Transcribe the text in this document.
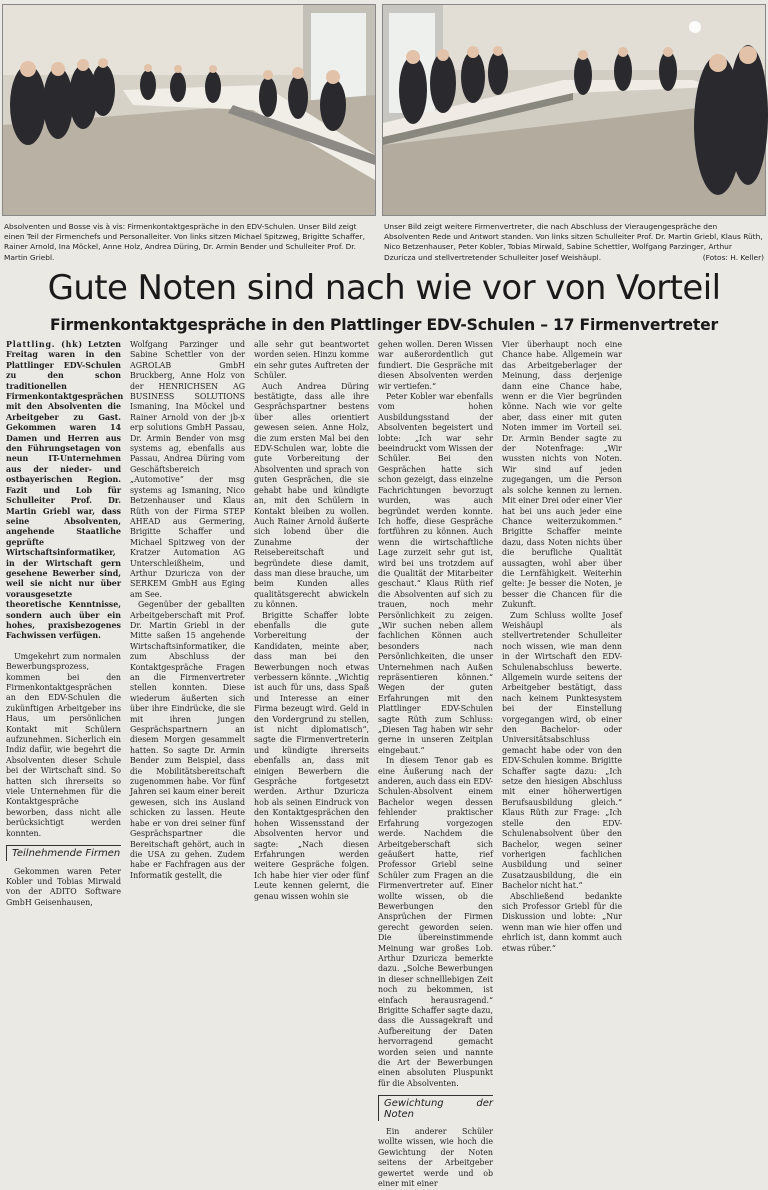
Absolventen und Bosse vis à vis: Firmenkontaktgespräche in den EDV-Schulen. Unser Bild zeigt einen Teil der Firmenchefs und Personalleiter. Von links sitzen Michael Spitzweg, Brigitte Schaffer, Rainer Arnold, Ina Möckel, Anne Holz, Andrea Düring, Dr. Armin Bender und Schulleiter Prof. Dr. Martin Griebl.

Unser Bild zeigt weitere Firmenvertreter, die nach Abschluss der Vieraugengespräche den Absolventen Rede und Antwort standen. Von links sitzen Schulleiter Prof. Dr. Martin Griebl, Klaus Rüth, Nico Betzenhauser, Peter Kobler, Tobias Mirwald, Sabine Schettler, Wolfgang Parzinger, Arthur Dzuricza und stellvertretender Schulleiter Josef Weishäupl.	(Fotos: H. Keller)

Gute Noten sind nach wie vor von Vorteil
Firmenkontaktgespräche in den Plattlinger EDV-Schulen – 17 Firmenvertreter

Plattling. (hk) Letzten Freitag waren in den Plattlinger EDV-Schulen zu den schon traditionellen Firmenkontaktgesprächen mit den Absolventen die Arbeitgeber zu Gast. Gekommen waren 14 Damen und Herren aus den Führungsetagen von neun IT-Unternehmen aus der nieder- und ostbayerischen Region. Fazit und Lob für Schulleiter Prof. Dr. Martin Griebl war, dass seine Absolventen, angehende Staatliche geprüfte Wirtschaftsinformatiker, in der Wirtschaft gern gesehene Bewerber sind, weil sie nicht nur über vorausgesetzte theoretische Kenntnisse, sondern auch über ein hohes, praxisbezogenes Fachwissen verfügen.

Umgekehrt zum normalen Bewerbungsprozess, kommen bei den Firmenkontaktgesprächen an den EDV-Schulen die zukünftigen Arbeitgeber ins Haus, um persönlichen Kontakt mit Schülern aufzunehmen. Sicherlich ein Indiz dafür, wie begehrt die Absolventen dieser Schule bei der Wirtschaft sind. So hatten sich ihrerseits so viele Unternehmen für die Kontaktgespräche beworben, dass nicht alle berücksichtigt werden konnten.

Teilnehmende Firmen

Gekommen waren Peter Kobler und Tobias Mirwald von der ADITO Software GmbH Geisenhausen,

Wolfgang Parzinger und Sabine Schettler von der AGROLAB GmbH Bruckberg, Anne Holz von der HENRICHSEN AG BUSINESS SOLUTIONS Ismaning, Ina Möckel und Rainer Arnold von der jb-x erp solutions GmbH Passau, Dr. Armin Bender von msg systems ag, ebenfalls aus Passau, Andrea Düring vom Geschäftsbereich „Automotive“ der msg systems ag Ismaning, Nico Betzenhauser und Klaus Rüth von der Firma STEP AHEAD aus Germering, Brigitte Schaffer und Michael Spitzweg von der Kratzer Automation AG Unterschleißheim, und Arthur Dzuricza von der SERKEM GmbH aus Eging am See.

Gegenüber der geballten Arbeitgeberschaft mit Prof. Dr. Martin Griebl in der Mitte saßen 15 angehende Wirtschaftsinformatiker, die zum Abschluss der Kontaktgespräche Fragen an die Firmenvertreter stellen konnten. Diese wiederum äußerten sich über ihre Eindrücke, die sie mit ihren jungen Gesprächspartnern an diesem Morgen gesammelt hatten. So sagte Dr. Armin Bender zum Beispiel, dass die Mobilitätsbereitschaft zugenommen habe. Vor fünf Jahren sei kaum einer bereit gewesen, sich ins Ausland schicken zu lassen. Heute habe er von drei seiner fünf Gesprächspartner die Bereitschaft gehört, auch in die USA zu gehen. Zudem habe er Fachfragen aus der Informatik gestellt, die

alle sehr gut beantwortet worden seien. Hinzu komme ein sehr gutes Auftreten der Schüler.

Auch Andrea Düring bestätigte, dass alle ihre Gesprächspartner bestens über alles orientiert gewesen seien. Anne Holz, die zum ersten Mal bei den EDV-Schulen war, lobte die gute Vorbereitung der Absolventen und sprach von guten Gesprächen, die sie gehabt habe und kündigte an, mit den Schülern in Kontakt bleiben zu wollen. Auch Rainer Arnold äußerte sich lobend über die Zunahme der Reisebereitschaft und begründete diese damit, dass man diese brauche, um beim Kunden alles qualitätsgerecht abwickeln zu können.

Brigitte Schaffer lobte ebenfalls die gute Vorbereitung der Kandidaten, meinte aber, dass man bei den Bewerbungen noch etwas verbessern könnte. „Wichtig ist auch für uns, dass Spaß und Interesse an einer Firma bezeugt wird. Geld in den Vordergrund zu stellen, ist nicht diplomatisch“, sagte die Firmenvertreterin und kündigte ihrerseits ebenfalls an, dass mit einigen Bewerbern die Gespräche fortgesetzt werden. Arthur Dzuricza hob als seinen Eindruck von den Kontaktgesprächen den hohen Wissensstand der Absolventen hervor und sagte: „Nach diesen Erfahrungen werden weitere Gespräche folgen. Ich habe hier vier oder fünf Leute kennen gelernt, die genau wissen wohin sie

gehen wollen. Deren Wissen war außerordentlich gut fundiert. Die Gespräche mit diesen Absolventen werden wir vertiefen.“

Peter Kobler war ebenfalls vom hohen Ausbildungsstand der Absolventen begeistert und lobte: „Ich war sehr beeindruckt vom Wissen der Schüler. Bei den Gesprächen hatte sich schon gezeigt, dass einzelne Fachrichtungen bevorzugt wurden, was auch begründet werden konnte. Ich hoffe, diese Gespräche fortführen zu können. Auch wenn die wirtschaftliche Lage zurzeit sehr gut ist, wird bei uns trotzdem auf die Qualität der Mitarbeiter geschaut.“ Klaus Rüth rief die Absolventen auf sich zu trauen, noch mehr Persönlichkeit zu zeigen. „Wir suchen neben allem fachlichen Können auch besonders nach Persönlichkeiten, die unser Unternehmen nach Außen repräsentieren können.“ Wegen der guten Erfahrungen mit den Plattlinger EDV-Schulen sagte Rüth zum Schluss: „Diesen Tag haben wir sehr gerne in unseren Zeitplan eingebaut.“

In diesem Tenor gab es eine Äußerung nach der anderen, auch dass ein EDV-Schulen-Absolvent einem Bachelor wegen dessen fehlender praktischer Erfahrung vorgezogen werde. Nachdem die Arbeitgeberschaft sich geäußert hatte, rief Professor Griebl seine Schüler zum Fragen an die Firmenvertreter auf. Einer wollte wissen, ob die Bewerbungen den Ansprüchen der Firmen gerecht geworden seien. Die übereinstimmende Meinung war großes Lob. Arthur Dzuricza bemerkte dazu. „Solche Bewerbungen in dieser schnelllebigen Zeit noch zu bekommen, ist einfach herausragend.“ Brigitte Schaffer sagte dazu, dass die Aussagekraft und Aufbereitung der Daten hervorragend gemacht worden seien und nannte die Art der Bewerbungen einen absoluten Pluspunkt für die Absolventen.

Gewichtung der Noten

Ein anderer Schüler wollte wissen, wie hoch die Gewichtung der Noten seitens der Arbeitgeber gewertet werde und ob einer mit einer

Vier überhaupt noch eine Chance habe. Allgemein war das Arbeitgeberlager der Meinung, dass derjenige dann eine Chance habe, wenn er die Vier begründen könne. Nach wie vor gelte aber, dass einer mit guten Noten immer im Vorteil sei. Dr. Armin Bender sagte zu der Notenfrage: „Wir wussten nichts von Noten. Wir sind auf jeden zugegangen, um die Person als solche kennen zu lernen. Mit einer Drei oder einer Vier hat bei uns auch jeder eine Chance weiterzukommen.“ Brigitte Schaffer meinte dazu, dass Noten nichts über die berufliche Qualität aussagten, wohl aber über die Lernfähigkeit. Weiterhin gelte: Je besser die Noten, je besser die Chancen für die Zukunft.

Zum Schluss wollte Josef Weishäupl als stellvertretender Schulleiter noch wissen, wie man denn in der Wirtschaft den EDV-Schulenabschluss bewerte. Allgemein wurde seitens der Arbeitgeber bestätigt, dass nach keinem Punktesystem bei der Einstellung vorgegangen wird, ob einer den Bachelor- oder Universitätsabschluss gemacht habe oder von den EDV-Schulen komme. Brigitte Schaffer sagte dazu: „Ich setze den hiesigen Abschluss mit einer höherwertigen Berufsausbildung gleich.“ Klaus Rüth zur Frage: „Ich stelle den EDV-Schulenabsolvent über den Bachelor, wegen seiner vorherigen fachlichen Ausbildung und seiner Zusatzausbildung, die ein Bachelor nicht hat.“

Abschließend bedankte sich Professor Griebl für die Diskussion und lobte: „Nur wenn man wie hier offen und ehrlich ist, dann kommt auch etwas rüber.“
